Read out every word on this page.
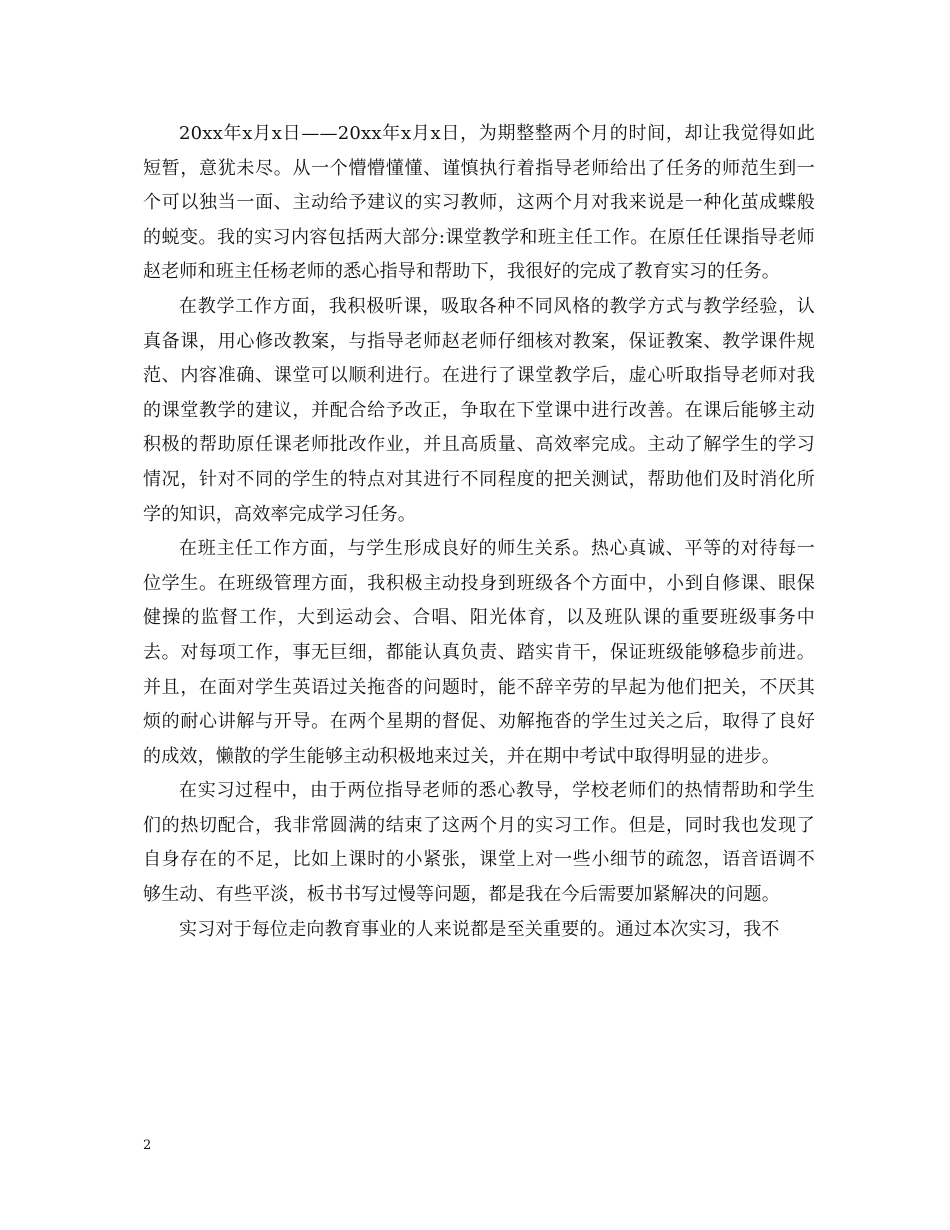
20xx年x月x日——20xx年x月x日，为期整整两个月的时间，却让我觉得如此短暂，意犹未尽。从一个懵懵懂懂、谨慎执行着指导老师给出了任务的师范生到一个可以独当一面、主动给予建议的实习教师，这两个月对我来说是一种化茧成蝶般的蜕变。我的实习内容包括两大部分:课堂教学和班主任工作。在原任任课指导老师赵老师和班主任杨老师的悉心指导和帮助下，我很好的完成了教育实习的任务。

在教学工作方面，我积极听课，吸取各种不同风格的教学方式与教学经验，认真备课，用心修改教案，与指导老师赵老师仔细核对教案，保证教案、教学课件规范、内容准确、课堂可以顺利进行。在进行了课堂教学后，虚心听取指导老师对我的课堂教学的建议，并配合给予改正，争取在下堂课中进行改善。在课后能够主动积极的帮助原任课老师批改作业，并且高质量、高效率完成。主动了解学生的学习情况，针对不同的学生的特点对其进行不同程度的把关测试，帮助他们及时消化所学的知识，高效率完成学习任务。

在班主任工作方面，与学生形成良好的师生关系。热心真诚、平等的对待每一位学生。在班级管理方面，我积极主动投身到班级各个方面中，小到自修课、眼保健操的监督工作，大到运动会、合唱、阳光体育，以及班队课的重要班级事务中去。对每项工作，事无巨细，都能认真负责、踏实肯干，保证班级能够稳步前进。并且，在面对学生英语过关拖沓的问题时，能不辞辛劳的早起为他们把关，不厌其烦的耐心讲解与开导。在两个星期的督促、劝解拖沓的学生过关之后，取得了良好的成效，懒散的学生能够主动积极地来过关，并在期中考试中取得明显的进步。

在实习过程中，由于两位指导老师的悉心教导，学校老师们的热情帮助和学生们的热切配合，我非常圆满的结束了这两个月的实习工作。但是，同时我也发现了自身存在的不足，比如上课时的小紧张，课堂上对一些小细节的疏忽，语音语调不够生动、有些平淡，板书书写过慢等问题，都是我在今后需要加紧解决的问题。

实习对于每位走向教育事业的人来说都是至关重要的。通过本次实习，我不

2
